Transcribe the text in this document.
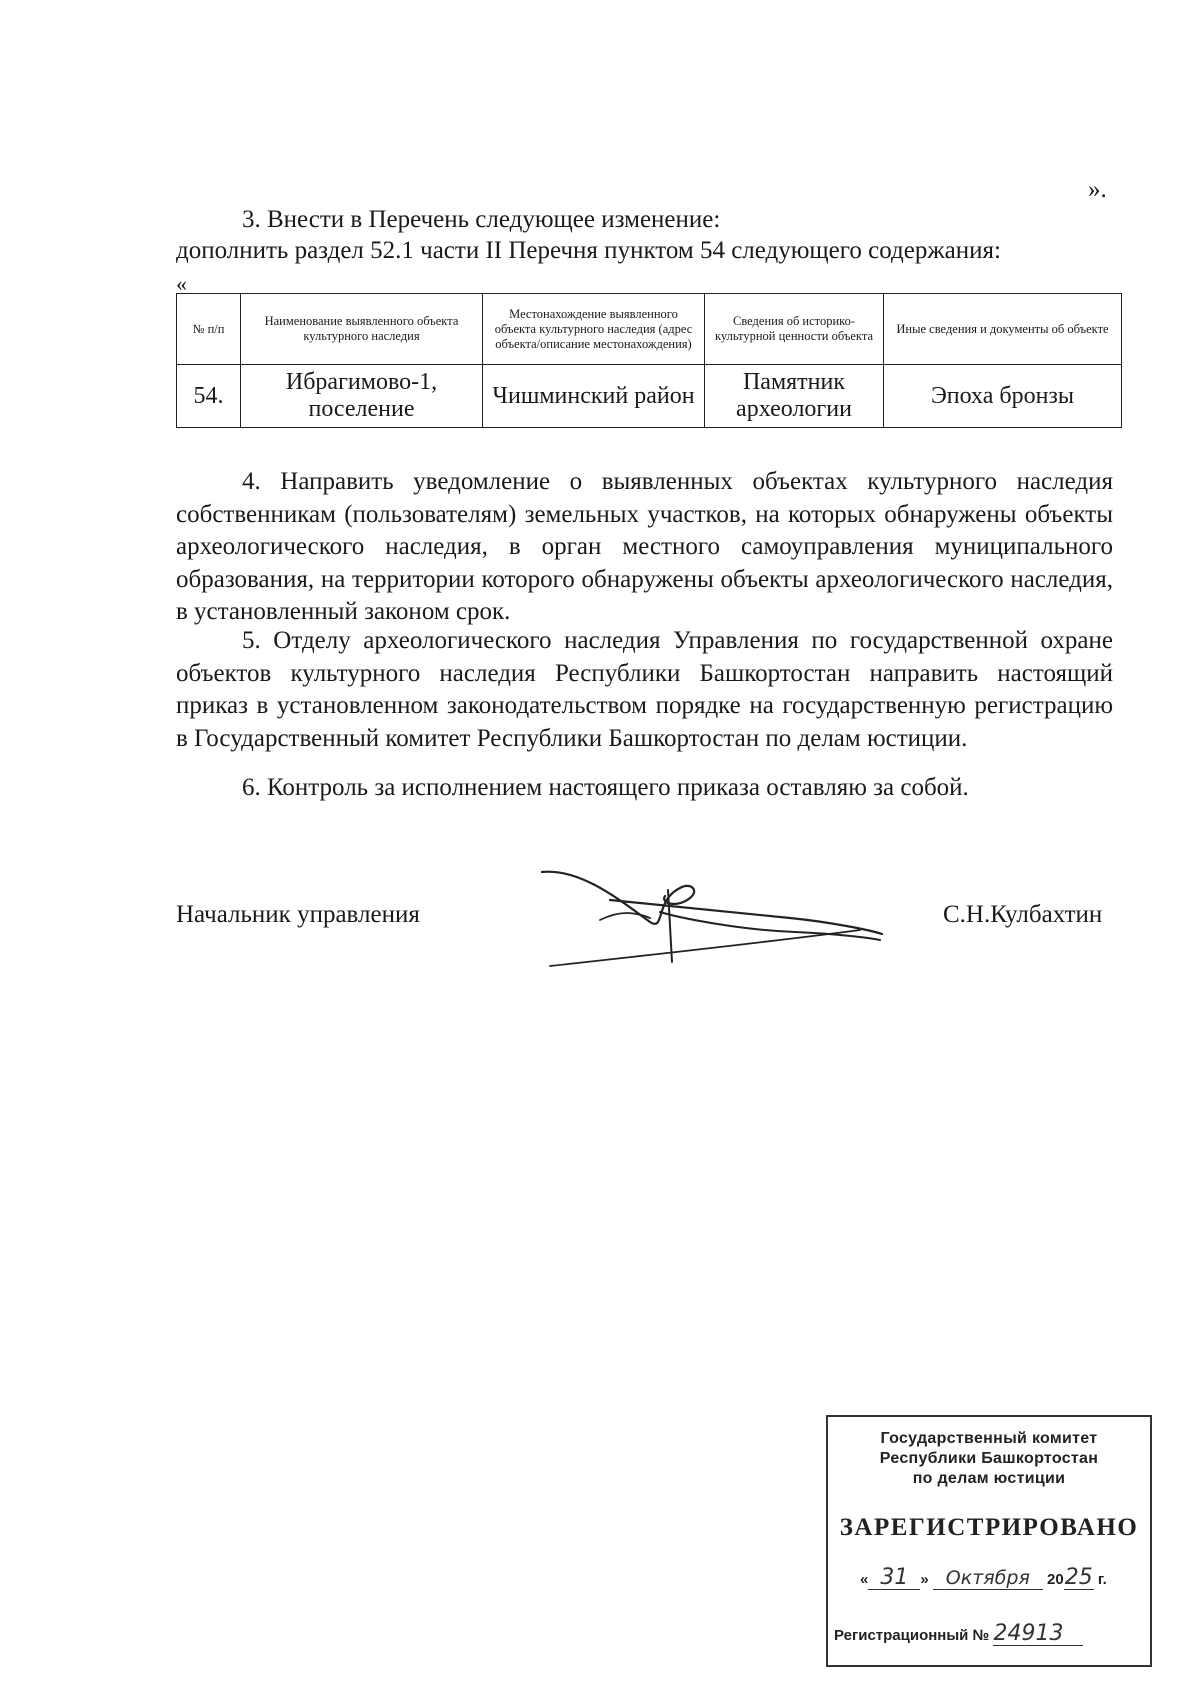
».
3. Внести в Перечень следующее изменение:
дополнить раздел 52.1 части II Перечня пунктом 54 следующего содержания:
«
№ п/п	Наименование выявленного объекта культурного наследия	Местонахождение выявленного объекта культурного наследия (адрес объекта/описание местонахождения)	Сведения об историко-культурной ценности объекта	Иные сведения и документы об объекте
54.	Ибрагимово-1, поселение	Чишминский район	Памятник археологии	Эпоха бронзы
4. Направить уведомление о выявленных объектах культурного наследия собственникам (пользователям) земельных участков, на которых обнаружены объекты археологического наследия, в орган местного самоуправления муниципального образования, на территории которого обнаружены объекты археологического наследия, в установленный законом срок.
5. Отделу археологического наследия Управления по государственной охране объектов культурного наследия Республики Башкортостан направить настоящий приказ в установленном законодательством порядке на государственную регистрацию в Государственный комитет Республики Башкортостан по делам юстиции.
6. Контроль за исполнением настоящего приказа оставляю за собой.
Начальник управления	С.Н.Кулбахтин
Государственный комитет
Республики Башкортостан
по делам юстиции
ЗАРЕГИСТРИРОВАНО
« 31 » Октября 2025 г.
Регистрационный № 24913
